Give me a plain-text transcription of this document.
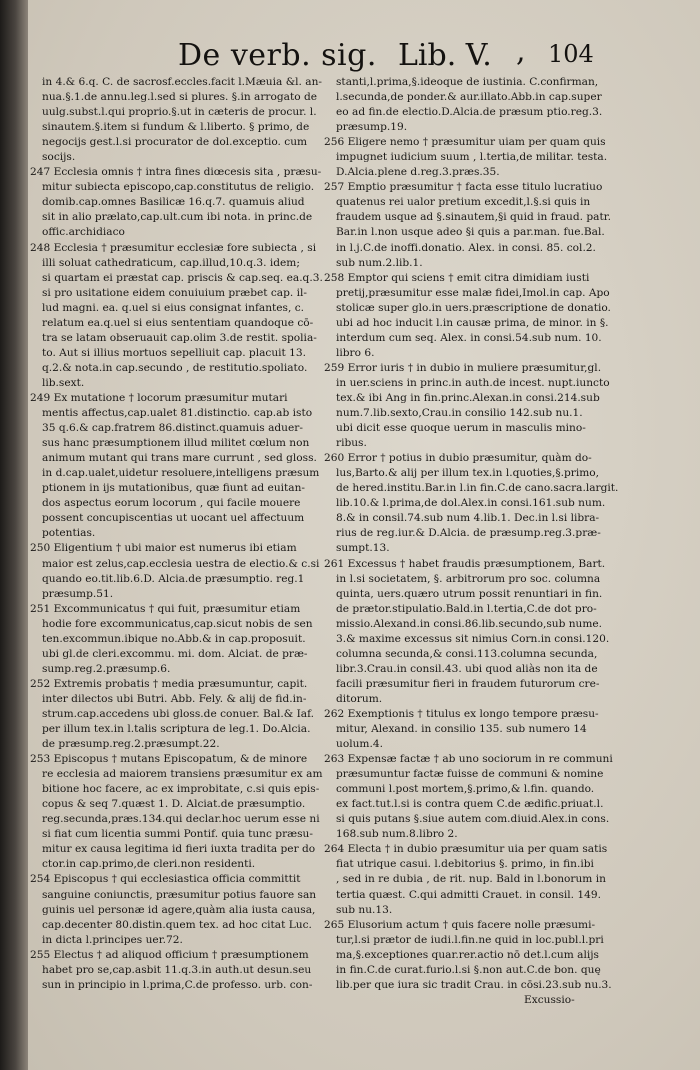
De verb. sig. Lib. V. , 104
in 4.& 6.q. C. de sacrosf.eccles.facit l.Mæuia &l. an-
nua.§.1.de annu.leg.l.sed si plures. §.in arrogato de
uulg.subst.l.qui proprio.§.ut in cæteris de procur. l.
sinautem.§.item si fundum & l.liberto. § primo, de
negocijs gest.l.si procurator de dol.exceptio. cum
socijs.
247 Ecclesia omnis † intra fines diœcesis sita , præsu-
mitur subiecta episcopo,cap.constitutus de religio.
domib.cap.omnes Basilicæ 16.q.7. quamuis aliud
sit in alio prælato,cap.ult.cum ibi nota. in princ.de
offic.archidiaco
248 Ecclesia † præsumitur ecclesiæ fore subiecta , si
illi soluat cathedraticum, cap.illud,10.q.3. idem;
si quartam ei præstat cap. priscis & cap.seq. ea.q.3.
si pro usitatione eidem conuiuium præbet cap. il-
lud magni. ea. q.uel si eius consignat infantes, c.
relatum ea.q.uel si eius sententiam quandoque cō-
tra se latam obseruauit cap.olim 3.de restit. spolia-
to. Aut si illius mortuos sepelliuit cap. placuit 13.
q.2.& nota.in cap.secundo , de restitutio.spoliato.
lib.sext.
249 Ex mutatione † locorum præsumitur mutari
mentis affectus,cap.ualet 81.distinctio. cap.ab isto
35 q.6.& cap.fratrem 86.distinct.quamuis aduer-
sus hanc præsumptionem illud militet cœlum non
animum mutant qui trans mare currunt , sed gloss.
in d.cap.ualet,uidetur resoluere,intelligens præsum
ptionem in ijs mutationibus, quæ fiunt ad euitan-
dos aspectus eorum locorum , qui facile mouere
possent concupiscentias ut uocant uel affectuum
potentias.
250 Eligentium † ubi maior est numerus ibi etiam
maior est zelus,cap.ecclesia uestra de electio.& c.si
quando eo.tit.lib.6.D. Alcia.de præsumptio. reg.1
præsump.51.
251 Excommunicatus † qui fuit, præsumitur etiam
hodie fore excommunicatus,cap.sicut nobis de sen
ten.excommun.ibique no.Abb.& in cap.proposuit.
ubi gl.de cleri.excommu. mi. dom. Alciat. de præ-
sump.reg.2.præsump.6.
252 Extremis probatis † media præsumuntur, capit.
inter dilectos ubi Butri. Abb. Fely. & alij de fid.in-
strum.cap.accedens ubi gloss.de conuer. Bal.& Iaf.
per illum tex.in l.talis scriptura de leg.1. Do.Alcia.
de præsump.reg.2.præsumpt.22.
253 Episcopus † mutans Episcopatum, & de minore
re ecclesia ad maiorem transiens præsumitur ex am
bitione hoc facere, ac ex improbitate, c.si quis epis-
copus & seq 7.quæst 1. D. Alciat.de præsumptio.
reg.secunda,præs.134.qui declar.hoc uerum esse ni
si fiat cum licentia summi Pontif. quia tunc præsu-
mitur ex causa legitima id fieri iuxta tradita per do
ctor.in cap.primo,de cleri.non residenti.
254 Episcopus † qui ecclesiastica officia committit
sanguine coniunctis, præsumitur potius fauore san
guinis uel personæ id agere,quàm alia iusta causa,
cap.decenter 80.distin.quem tex. ad hoc citat Luc.
in dicta l.principes uer.72.
255 Electus † ad aliquod officium † præsumptionem
habet pro se,cap.asbit 11.q.3.in auth.ut desun.seu
sun in principio in l.prima,C.de professo. urb. con-
stanti,l.prima,§.ideoque de iustinia. C.confirman,
l.secunda,de ponder.& aur.illato.Abb.in cap.super
eo ad fin.de electio.D.Alcia.de præsum ptio.reg.3.
præsump.19.
256 Eligere nemo † præsumitur uiam per quam quis
impugnet iudicium suum , l.tertia,de militar. testa.
D.Alcia.plene d.reg.3.præs.35.
257 Emptio præsumitur † facta esse titulo lucratiuo
quatenus rei ualor pretium excedit,l.§.si quis in
fraudem usque ad §.sinautem,§i quid in fraud. patr.
Bar.in l.non usque adeo §i quis a par.man. fue.Bal.
in l.j.C.de inoffi.donatio. Alex. in consi. 85. col.2.
sub num.2.lib.1.
258 Emptor qui sciens † emit citra dimidiam iusti
pretij,præsumitur esse malæ fidei,Imol.in cap. Apo
stolicæ super glo.in uers.præscriptione de donatio.
ubi ad hoc inducit l.in causæ prima, de minor. in §.
interdum cum seq. Alex. in consi.54.sub num. 10.
libro 6.
259 Error iuris † in dubio in muliere præsumitur,gl.
in uer.sciens in princ.in auth.de incest. nupt.iuncto
tex.& ibi Ang in fin.princ.Alexan.in consi.214.sub
num.7.lib.sexto,Crau.in consilio 142.sub nu.1.
ubi dicit esse quoque uerum in masculis mino-
ribus.
260 Error † potius in dubio præsumitur, quàm do-
lus,Barto.& alij per illum tex.in l.quoties,§.primo,
de hered.institu.Bar.in l.in fin.C.de cano.sacra.largit.
lib.10.& l.prima,de dol.Alex.in consi.161.sub num.
8.& in consil.74.sub num 4.lib.1. Dec.in l.si libra-
rius de reg.iur.& D.Alcia. de præsump.reg.3.præ-
sumpt.13.
261 Excessus † habet fraudis præsumptionem, Bart.
in l.si societatem, §. arbitrorum pro soc. columna
quinta, uers.quæro utrum possit renuntiari in fin.
de prætor.stipulatio.Bald.in l.tertia,C.de dot pro-
missio.Alexand.in consi.86.lib.secundo,sub nume.
3.& maxime excessus sit nimius Corn.in consi.120.
columna secunda,& consi.113.columna secunda,
libr.3.Crau.in consil.43. ubi quod aliàs non ita de
facili præsumitur fieri in fraudem futurorum cre-
ditorum.
262 Exemptionis † titulus ex longo tempore præsu-
mitur, Alexand. in consilio 135. sub numero 14
uolum.4.
263 Expensæ factæ † ab uno sociorum in re communi
præsumuntur factæ fuisse de communi & nomine
communi l.post mortem,§.primo,& l.fin. quando.
ex fact.tut.l.si is contra quem C.de ædific.priuat.l.
si quis putans §.siue autem com.diuid.Alex.in cons.
168.sub num.8.libro 2.
264 Electa † in dubio præsumitur uia per quam satis
fiat utrique casui. l.debitorius §. primo, in fin.ibi
, sed in re dubia , de rit. nup. Bald in l.bonorum in
tertia quæst. C.qui admitti Crauet. in consil. 149.
sub nu.13.
265 Elusorium actum † quis facere nolle præsumi-
tur,l.si prætor de iudi.l.fin.ne quid in loc.publ.l.pri
ma,§.exceptiones quar.rer.actio nō det.l.cum alijs
in fin.C.de curat.furio.l.si §.non aut.C.de bon. quę
lib.per que iura sic tradit Crau. in cōsi.23.sub nu.3.
Excussio-
